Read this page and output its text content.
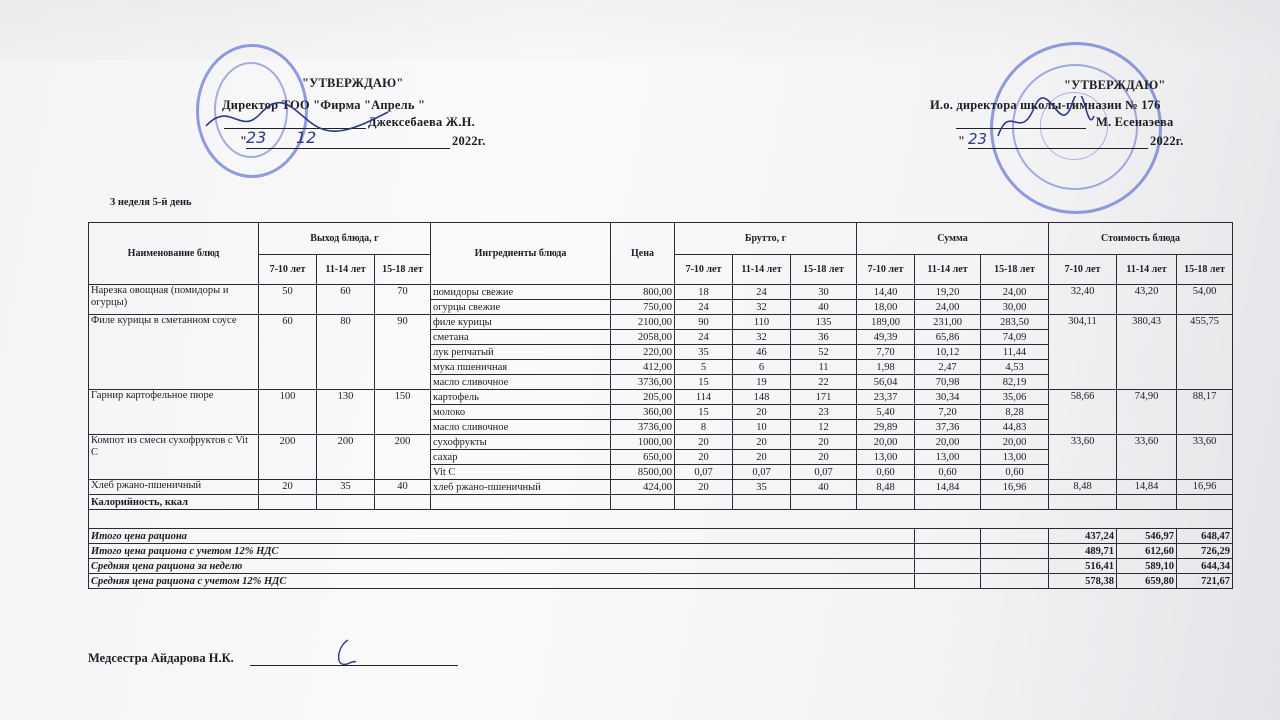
"УТВЕРЖДАЮ"
Директор ТОО "Фирма "Апрель "
Джексебаева Ж.Н.
"
23 12	2022г.
"УТВЕРЖДАЮ"
И.о. директора школы-гимназии № 176
М. Есенаэева
" 23	2022г.
3 неделя 5-й день
Наименование блюд	Выход блюда, г			Ингредиенты блюда	Цена	Брутто, г			Сумма			Стоимость блюда		
	7-10 лет	11-14 лет	15-18 лет			7-10 лет	11-14 лет	15-18 лет	7-10 лет	11-14 лет	15-18 лет	7-10 лет	11-14 лет	15-18 лет
Нарезка овощная (помидоры и огурцы)	50	60	70	помидоры свежие	800,00	18	24	30	14,40	19,20	24,00	32,40	43,20	54,00
				огурцы свежие	750,00	24	32	40	18,00	24,00	30,00			
Филе курицы в сметанном соусе	60	80	90	филе курицы	2100,00	90	110	135	189,00	231,00	283,50	304,11	380,43	455,75
				сметана	2058,00	24	32	36	49,39	65,86	74,09			
				лук репчатый	220,00	35	46	52	7,70	10,12	11,44			
				мука пшеничная	412,00	5	6	11	1,98	2,47	4,53			
				масло сливочное	3736,00	15	19	22	56,04	70,98	82,19			
Гарнир картофельное пюре	100	130	150	картофель	205,00	114	148	171	23,37	30,34	35,06	58,66	74,90	88,17
				молоко	360,00	15	20	23	5,40	7,20	8,28			
				масло сливочное	3736,00	8	10	12	29,89	37,36	44,83			
Компот из смеси сухофруктов с Vit C	200	200	200	сухофрукты	1000,00	20	20	20	20,00	20,00	20,00	33,60	33,60	33,60
				сахар	650,00	20	20	20	13,00	13,00	13,00			
				Vit C	8500,00	0,07	0,07	0,07	0,60	0,60	0,60			
Хлеб ржано-пшеничный	20	35	40	хлеб ржано-пшеничный	424,00	20	35	40	8,48	14,84	16,96	8,48	14,84	16,96
Калорийность, ккал														

Итого цена рациона												437,24	546,97	648,47
Итого цена рациона с учетом 12% НДС												489,71	612,60	726,29
Средняя цена рациона за неделю												516,41	589,10	644,34
Средняя цена рациона с учетом 12% НДС												578,38	659,80	721,67
Медсестра Айдарова Н.К.
